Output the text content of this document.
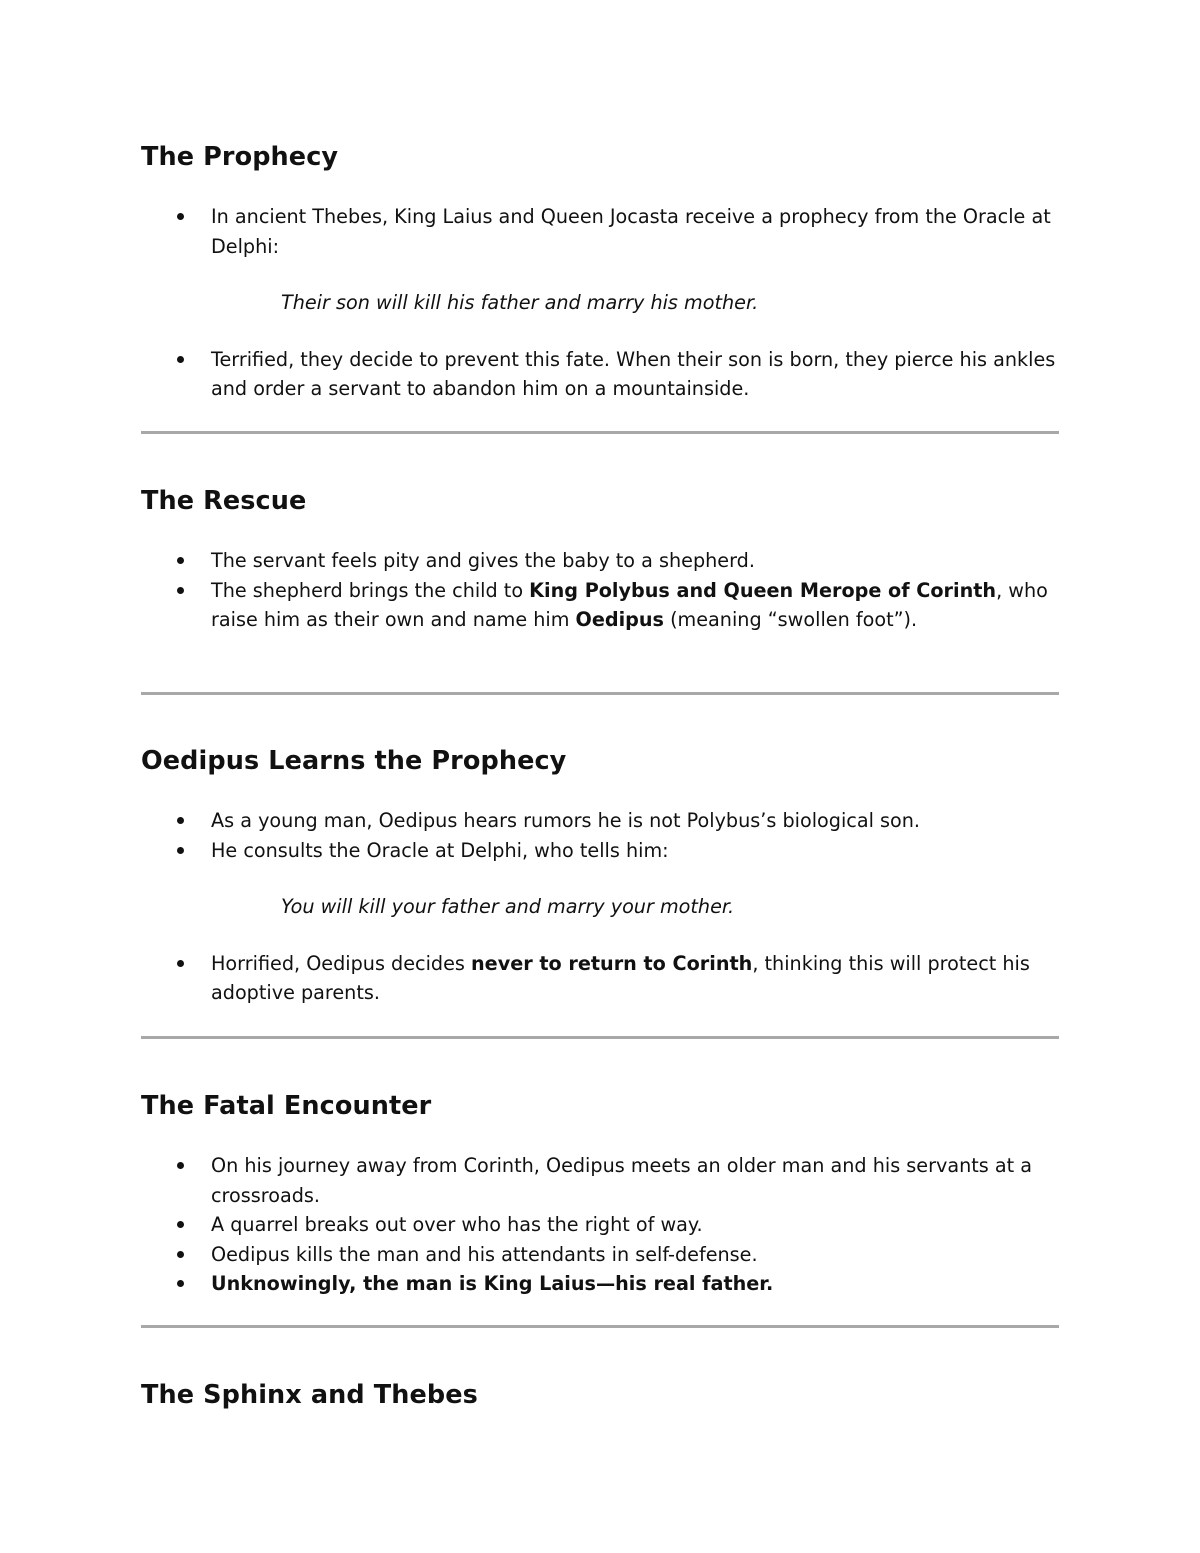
The Prophecy
In ancient Thebes, King Laius and Queen Jocasta receive a prophecy from the Oracle at Delphi:
Their son will kill his father and marry his mother.
Terrified, they decide to prevent this fate. When their son is born, they pierce his ankles and order a servant to abandon him on a mountainside.
The Rescue
The servant feels pity and gives the baby to a shepherd.
The shepherd brings the child to King Polybus and Queen Merope of Corinth, who raise him as their own and name him Oedipus (meaning “swollen foot”).
Oedipus Learns the Prophecy
As a young man, Oedipus hears rumors he is not Polybus’s biological son.
He consults the Oracle at Delphi, who tells him:
You will kill your father and marry your mother.
Horrified, Oedipus decides never to return to Corinth, thinking this will protect his adoptive parents.
The Fatal Encounter
On his journey away from Corinth, Oedipus meets an older man and his servants at a crossroads.
A quarrel breaks out over who has the right of way.
Oedipus kills the man and his attendants in self-defense.
Unknowingly, the man is King Laius—his real father.
The Sphinx and Thebes
